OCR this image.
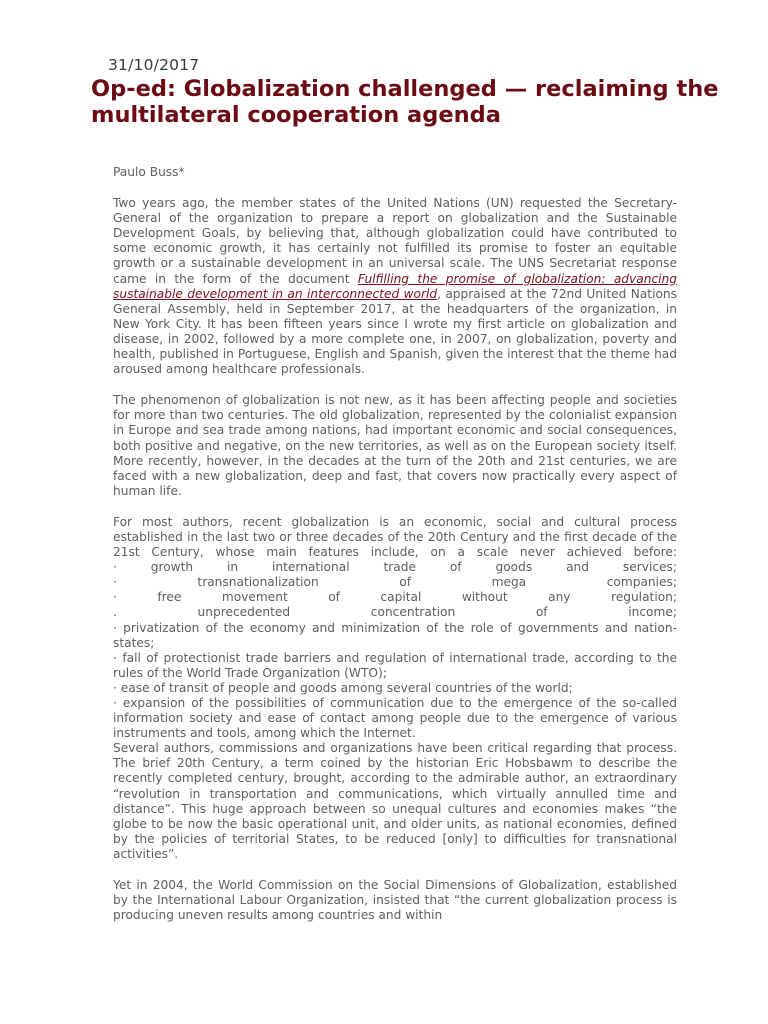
31/10/2017
Op-ed: Globalization challenged — reclaiming the multilateral cooperation agenda

Paulo Buss*

Two years ago, the member states of the United Nations (UN) requested the Secretary-General of the organization to prepare a report on globalization and the Sustainable Development Goals, by believing that, although globalization could have contributed to some economic growth, it has certainly not fulfilled its promise to foster an equitable growth or a sustainable development in an universal scale. The UNS Secretariat response came in the form of the document Fulfilling the promise of globalization: advancing sustainable development in an interconnected world, appraised at the 72nd United Nations General Assembly, held in September 2017, at the headquarters of the organization, in New York City. It has been fifteen years since I wrote my first article on globalization and disease, in 2002, followed by a more complete one, in 2007, on globalization, poverty and health, published in Portuguese, English and Spanish, given the interest that the theme had aroused among healthcare professionals.

The phenomenon of globalization is not new, as it has been affecting people and societies for more than two centuries. The old globalization, represented by the colonialist expansion in Europe and sea trade among nations, had important economic and social consequences, both positive and negative, on the new territories, as well as on the European society itself. More recently, however, in the decades at the turn of the 20th and 21st centuries, we are faced with a new globalization, deep and fast, that covers now practically every aspect of human life.

For most authors, recent globalization is an economic, social and cultural process established in the last two or three decades of the 20th Century and the first decade of the 21st Century, whose main features include, on a scale never achieved before:

· growth in international trade of goods and services;

· transnationalization of mega companies;

· free movement of capital without any regulation;

. unprecedented concentration of income;

· privatization of the economy and minimization of the role of governments and nation-states;

· fall of protectionist trade barriers and regulation of international trade, according to the rules of the World Trade Organization (WTO);

· ease of transit of people and goods among several countries of the world;

· expansion of the possibilities of communication due to the emergence of the so-called information society and ease of contact among people due to the emergence of various instruments and tools, among which the Internet.

Several authors, commissions and organizations have been critical regarding that process. The brief 20th Century, a term coined by the historian Eric Hobsbawm to describe the recently completed century, brought, according to the admirable author, an extraordinary “revolution in transportation and communications, which virtually annulled time and distance”. This huge approach between so unequal cultures and economies makes “the globe to be now the basic operational unit, and older units, as national economies, defined by the policies of territorial States, to be reduced [only] to difficulties for transnational activities”.

Yet in 2004, the World Commission on the Social Dimensions of Globalization, established by the International Labour Organization, insisted that “the current globalization process is producing uneven results among countries and within
